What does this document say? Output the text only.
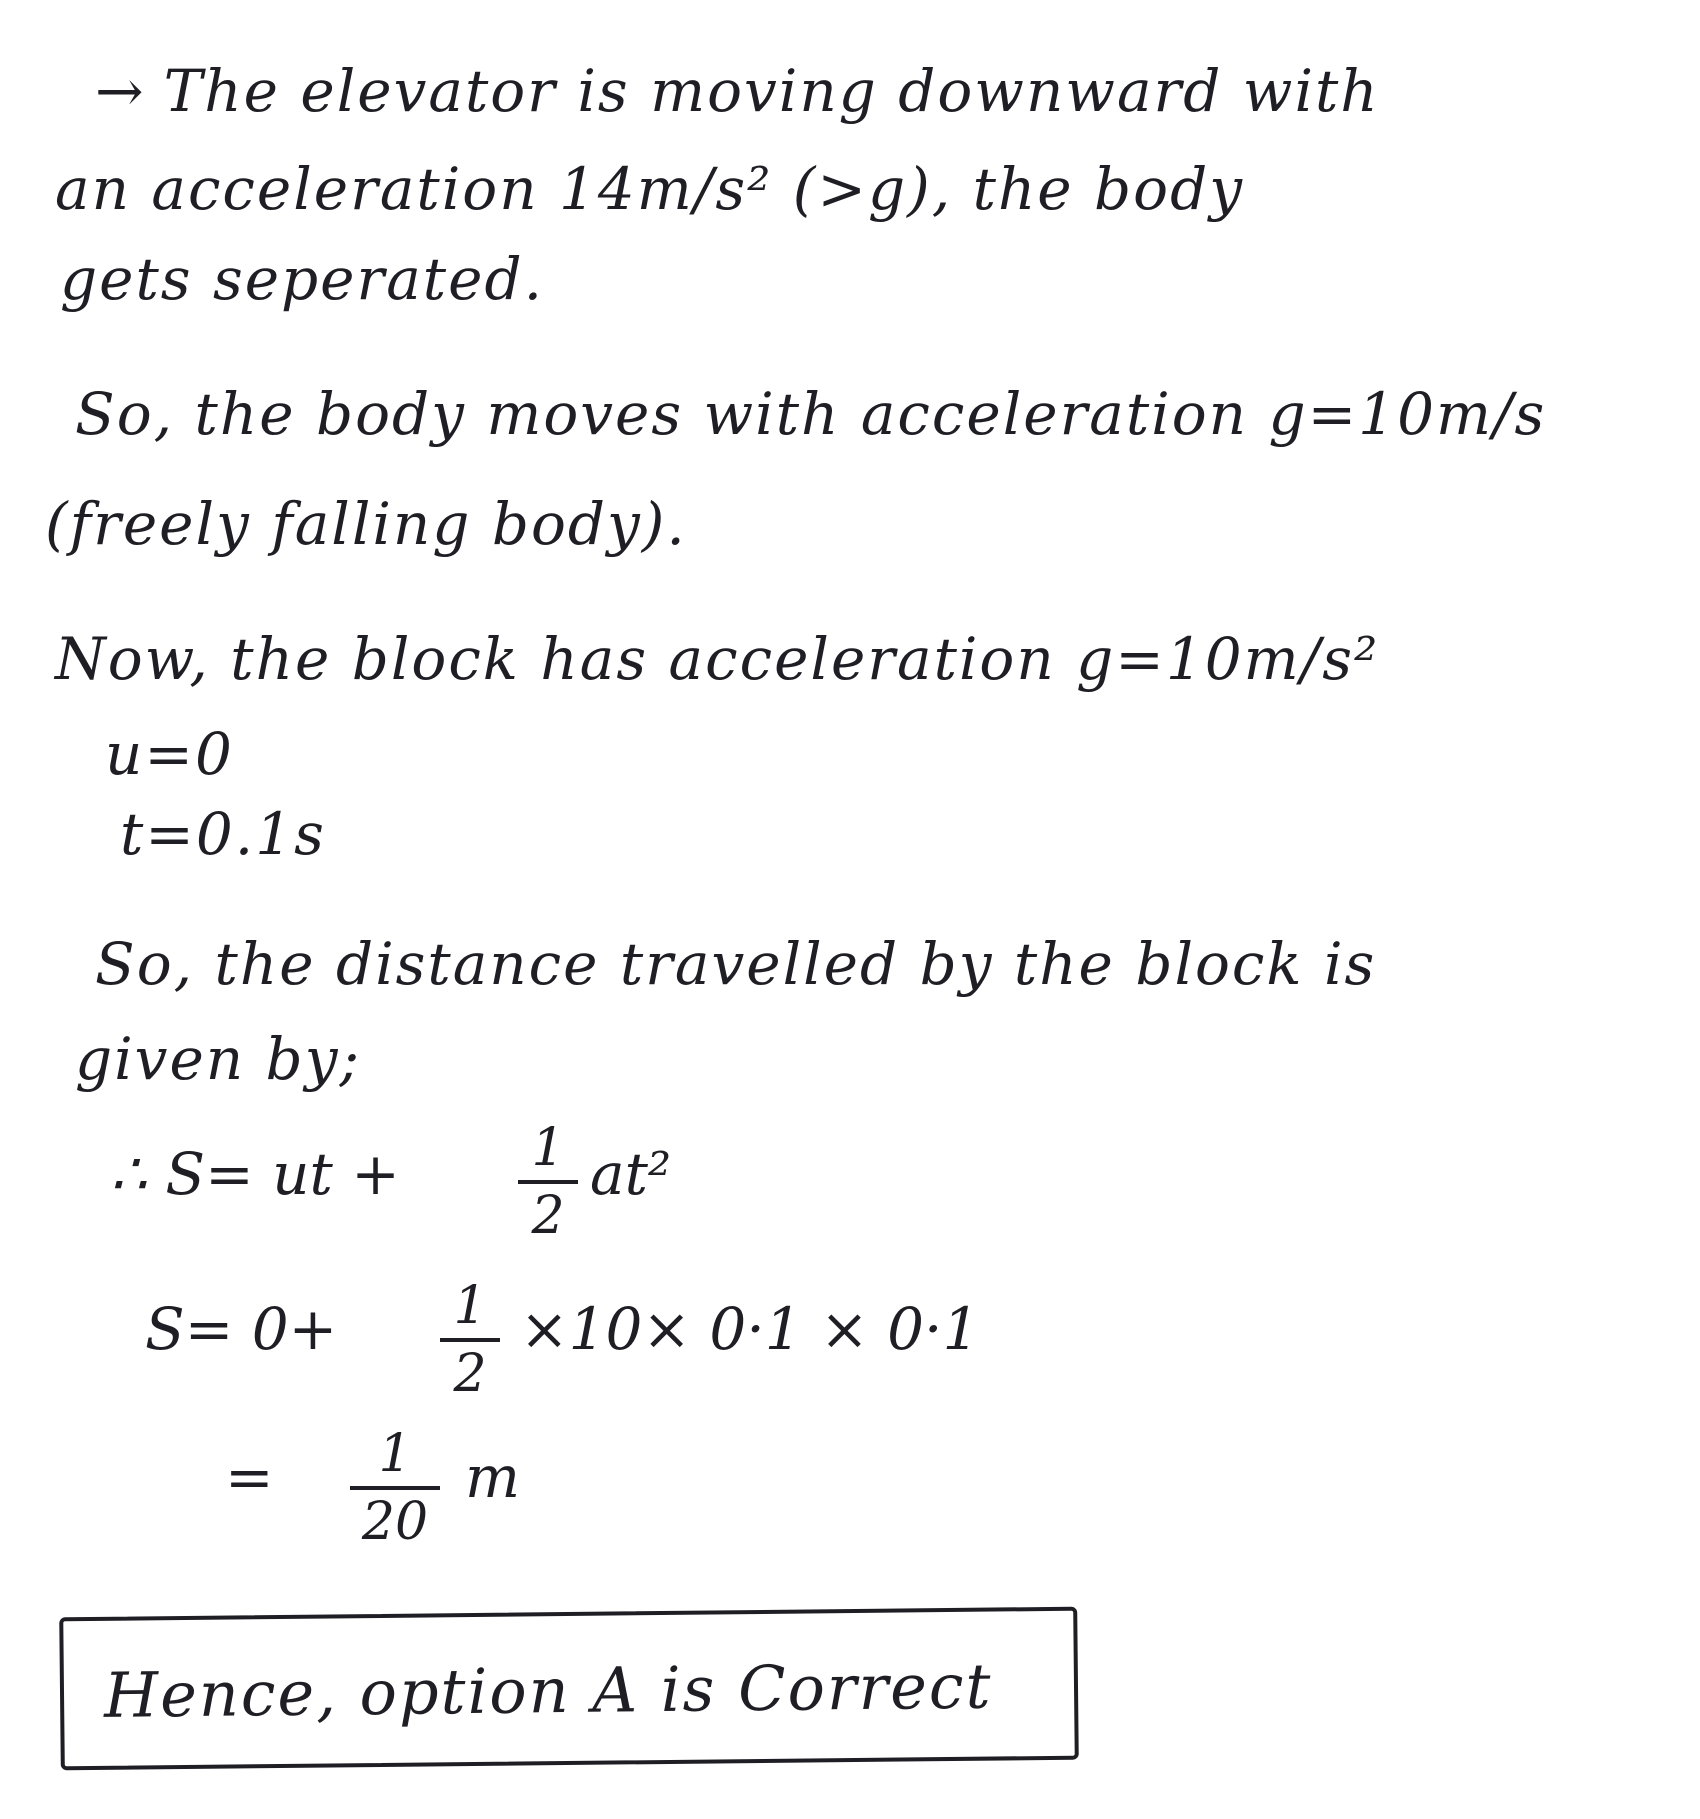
→ The elevator is moving downward with
an acceleration 14m/s² (>g), the body
gets seperated.
So, the body moves with acceleration g=10m/s
(freely falling body).
Now, the block has acceleration g=10m/s²
u=0
t=0.1s
So, the distance travelled by the block is
given by;
∴ S= ut +	1
2
at²
S= 0+ 1
2
×10× 0·1 × 0·1
=	1
20
m
Hence, option A is Correct
